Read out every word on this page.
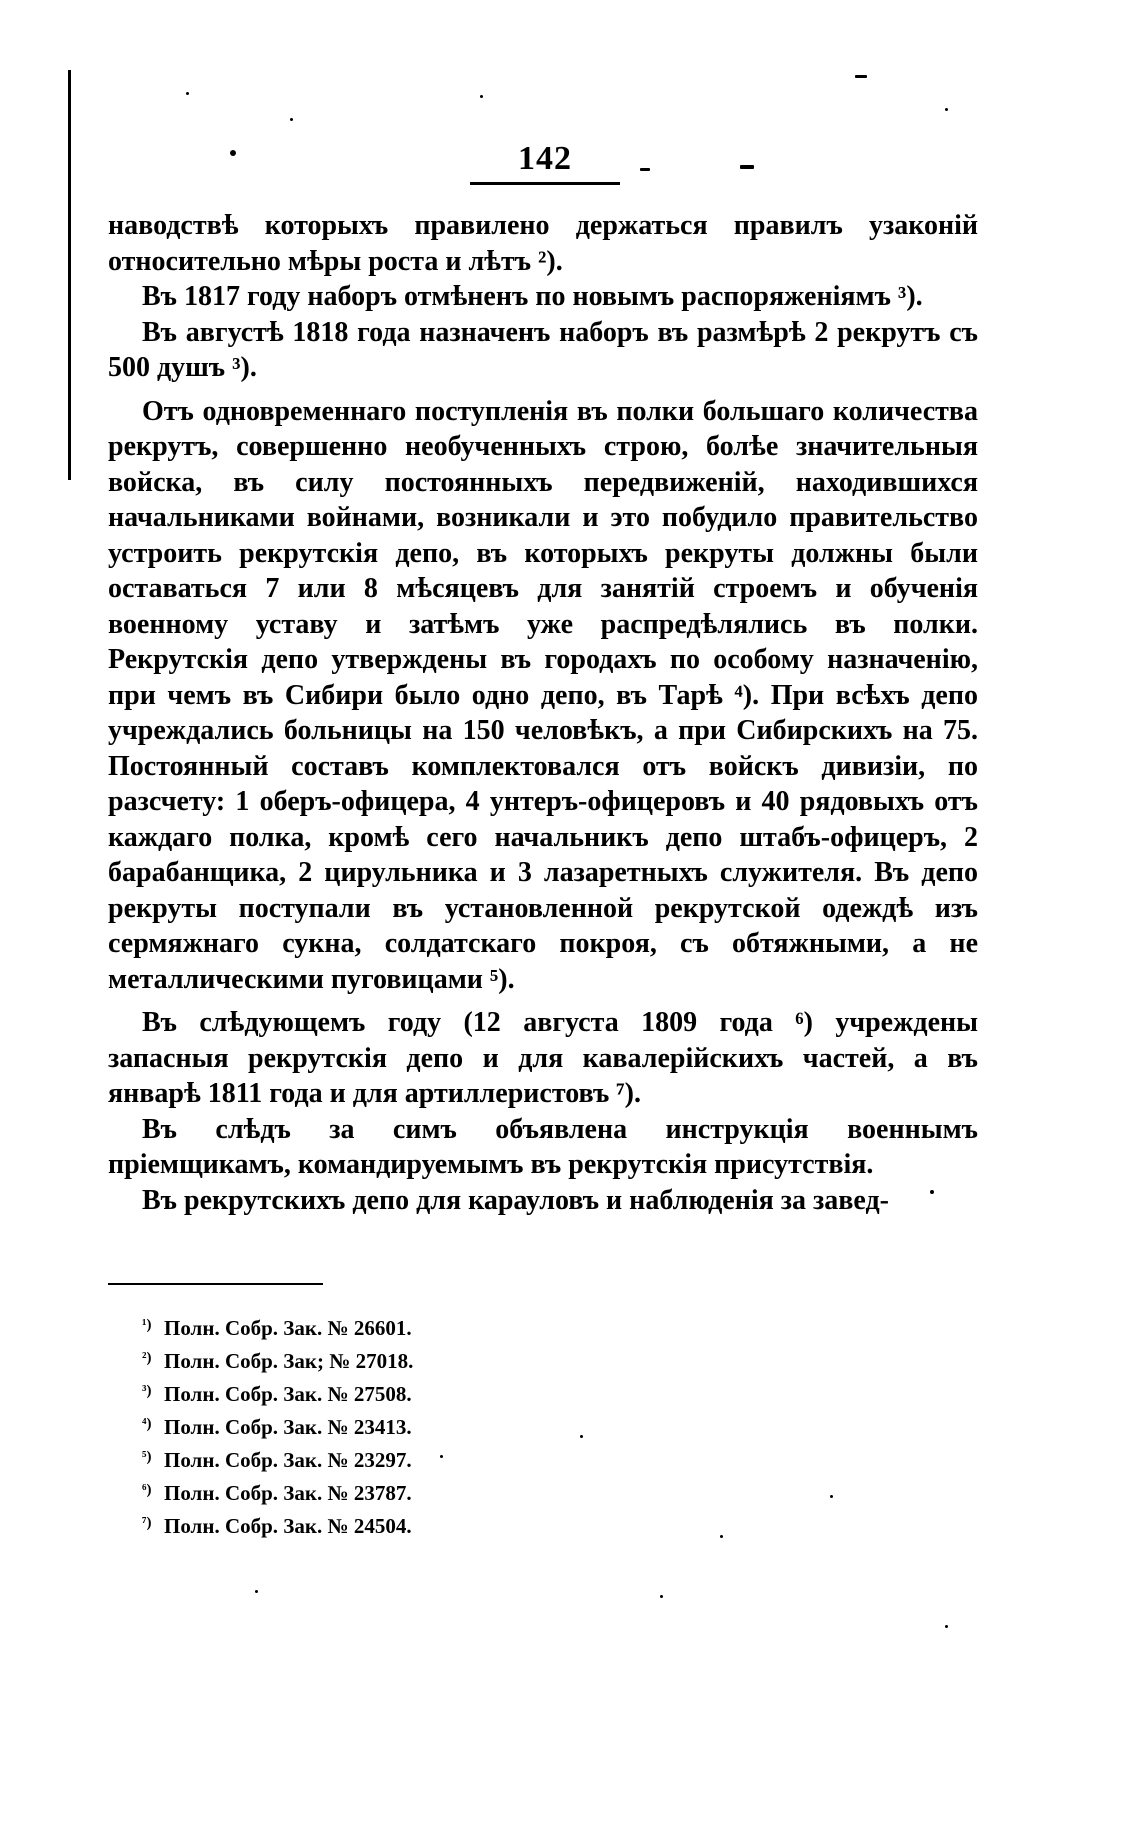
142

наводствѣ которыхъ правилено держаться правилъ узаконій относительно мѣры роста и лѣтъ ²).

Въ 1817 году наборъ отмѣненъ по новымъ распоряженіямъ ³).

Въ августѣ 1818 года назначенъ наборъ въ размѣрѣ 2 рекрутъ съ 500 душъ ³).

Отъ одновременнаго поступленія въ полки большаго количества рекрутъ, совершенно необученныхъ строю, болѣе значительныя войска, въ силу постоянныхъ передвиженій, находившихся начальниками войнами, возникали и это побудило правительство устроить рекрутскія депо, въ которыхъ рекруты должны были оставаться 7 или 8 мѣсяцевъ для занятій строемъ и обученія военному уставу и затѣмъ уже распредѣлялись въ полки. Рекрутскія депо утверждены въ городахъ по особому назначенію, при чемъ въ Сибири было одно депо, въ Тарѣ ⁴). При всѣхъ депо учреждались больницы на 150 человѣкъ, а при Сибирскихъ на 75. Постоянный составъ комплектовался отъ войскъ дивизіи, по разсчету: 1 оберъ-офицера, 4 унтеръ-офицеровъ и 40 рядовыхъ отъ каждаго полка, кромѣ сего начальникъ депо штабъ-офицеръ, 2 барабанщика, 2 цирульника и 3 лазаретныхъ служителя. Въ депо рекруты поступали въ установленной рекрутской одеждѣ изъ сермяжнаго сукна, солдатскаго покроя, съ обтяжными, а не металлическими пуговицами ⁵).

Въ слѣдующемъ году (12 августа 1809 года ⁶) учреждены запасныя рекрутскія депо и для кавалерійскихъ частей, а въ январѣ 1811 года и для артиллеристовъ ⁷).

Въ слѣдъ за симъ объявлена инструкція военнымъ пріемщикамъ, командируемымъ въ рекрутскія присутствія.

Въ рекрутскихъ депо для карауловъ и наблюденія за завед-

¹) Полн. Собр. Зак. № 26601.
²) Полн. Собр. Зак; № 27018.
³) Полн. Собр. Зак. № 27508.
⁴) Полн. Собр. Зак. № 23413.
⁵) Полн. Собр. Зак. № 23297.
⁶) Полн. Собр. Зак. № 23787.
⁷) Полн. Собр. Зак. № 24504.
